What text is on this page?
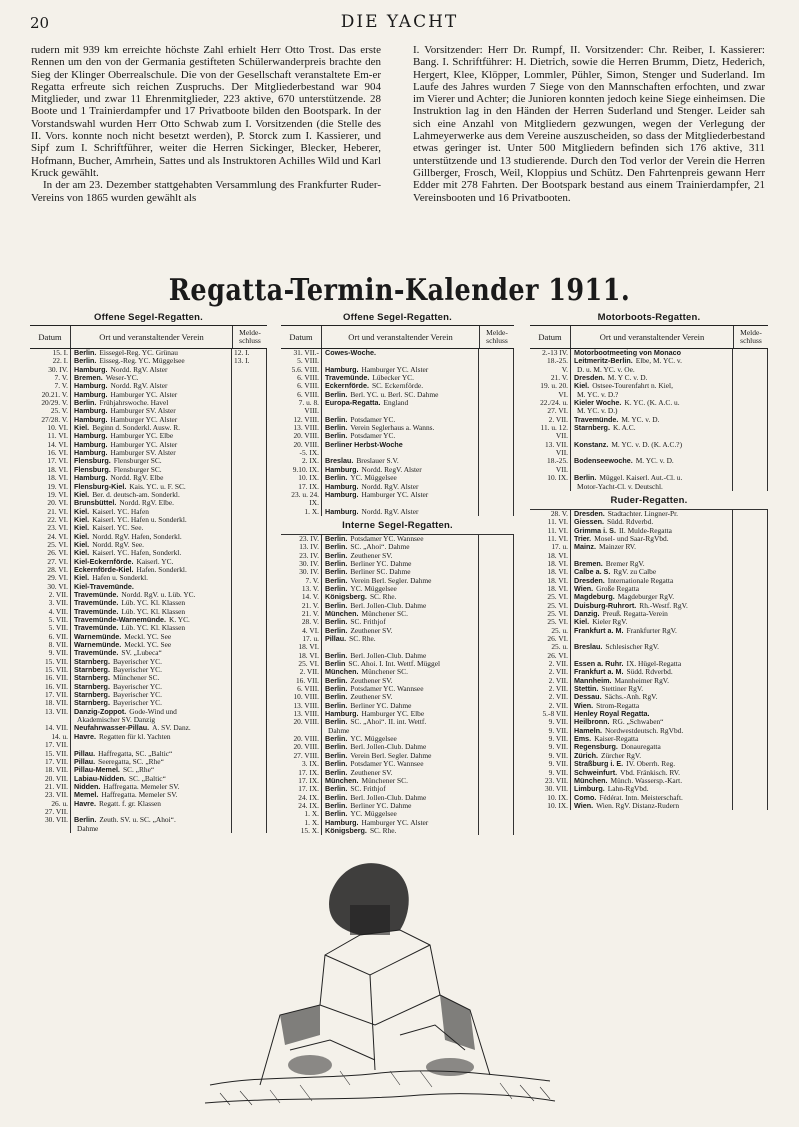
20	DIE YACHT

rudern mit 939 km erreichte höchste Zahl erhielt Herr Otto Trost. Das erste Rennen um den von der Germania gestifteten Schülerwanderpreis brachte den Sieg der Klinger Oberrealschule. Die von der Gesellschaft veranstaltete Em-er Regatta erfreute sich reichen Zuspruchs. Der Mitgliederbestand war 904 Mitglieder, und zwar 11 Ehrenmitglieder, 223 aktive, 670 unterstützende. 28 Boote und 1 Trainierdampfer und 17 Privatboote bilden den Bootspark. In der Vorstandswahl wurden Herr Otto Schwab zum I. Vorsitzenden (die Stelle des II. Vors. konnte noch nicht besetzt werden), P. Storck zum I. Kassierer, und Sipf zum I. Schriftführer, weiter die Herren Sickinger, Blecker, Heberer, Hofmann, Bucher, Amrhein, Sattes und als Instruktoren Achilles Wild und Karl Kruck gewählt.

In der am 23. Dezember stattgehabten Versammlung des Frankfurter Ruder-Vereins von 1865 wurden gewählt als

I. Vorsitzender: Herr Dr. Rumpf, II. Vorsitzender: Chr. Reiber, I. Kassierer: Bang. I. Schriftführer: H. Dietrich, sowie die Herren Brumm, Dietz, Hederich, Hergert, Klee, Klöpper, Lommler, Pühler, Simon, Stenger und Suderland. Im Laufe des Jahres wurden 7 Siege von den Mannschaften erfochten, und zwar im Vierer und Achter; die Junioren konnten jedoch keine Siege einheimsen. Die Instruktion lag in den Händen der Herren Suderland und Stenger. Leider sah sich eine Anzahl von Mitgliedern gezwungen, wegen der Verlegung der Lahmeyerwerke aus dem Vereine auszuscheiden, so dass der Mitgliederbestand etwas geringer ist. Unter 500 Mitgliedern befinden sich 176 aktive, 311 unterstützende und 13 studierende. Durch den Tod verlor der Verein die Herren Gillberger, Frosch, Weil, Kloppius und Schütz. Den Fahrtenpreis gewann Herr Edder mit 278 Fahrten. Der Bootspark bestand aus einem Trainierdampfer, 21 Vereinsbooten und 16 Privatbooten.

Regatta-Termin-Kalender 1911.
Offene Segel-Regatten.
Datum	Ort und veranstaltender Verein	Melde-schluss
15. I. Berlin. Eissegel-Reg. YC. Grünau	12. I.
22. I. Berlin. Eisseg.-Reg. YC. Müggelsee	13. I.
30. IV. Hamburg. Nordd. RgV. Alster
7. V. Bremen. Weser-YC.
7. V. Hamburg. Nordd. RgV. Alster
20.21. V. Hamburg. Hamburger YC. Alster
20/29. V. Berlin. Frühjahrswoche. Havel
25. V. Hamburg. Hamburger SV. Alster
27/28. V. Hamburg. Hamburger YC. Alster
10. VI. Kiel. Beginn d. Sonderkl. Ausw. R.
11. VI. Hamburg. Hamburger YC. Elbe
14. VI. Hamburg. Hamburger YC. Alster
16. VI. Hamburg. Hamburger SV. Alster
17. VI. Flensburg. Flensburger SC.
18. VI. Flensburg. Flensburger SC.
18. VI. Hamburg. Nordd. RgV. Elbe
19. VI. Flensburg-Kiel. Kais. YC. u. F. SC.
19. VI. Kiel. Ber. d. deutsch-am. Sonderkl.
20. VI. Brunsbüttel. Nordd. RgV. Elbe.
21. VI. Kiel. Kaiserl. YC. Hafen
22. VI. Kiel. Kaiserl. YC. Hafen u. Sonderkl.
23. VI. Kiel. Kaiserl. YC. See.
24. VI. Kiel. Nordd. RgV. Hafen, Sonderkl.
25. VI. Kiel. Nordd. RgV. See.
26. VI. Kiel. Kaiserl. YC. Hafen, Sonderkl.
27. VI. Kiel-Eckernförde. Kaiserl. YC.
28. VI. Eckernförde-Kiel. Hafen. Sonderkl.
29. VI. Kiel. Hafen u. Sonderkl.
30. VI. Kiel-Travemünde.
2. VII. Travemünde. Nordd. RgV. u. Lüb. YC.
3. VII. Travemünde. Lüb. YC. Kl. Klassen
4. VII. Travemünde. Lüb. YC. Kl. Klassen
5. VII. Travemünde-Warnemünde. K. YC.
5. VII. Travemünde. Lüb. YC. Kl. Klassen
6. VII. Warnemünde. Meckl. YC. See
8. VII. Warnemünde. Meckl. YC. See
9. VII. Travemünde. SV. „Lubeca“
15. VII. Starnberg. Bayerischer YC.
15. VII. Starnberg. Bayerischer YC.
16. VII. Starnberg. Münchener SC.
16. VII. Starnberg. Bayerischer YC.
17. VII. Starnberg. Bayerischer YC.
18. VII. Starnberg. Bayerischer YC.
13. VII. Danzig-Zoppot. Gode-Wind und
Akademischer SV. Danzig
14. VII. Neufahrwasser-Pillau. A. SV. Danz.
14. u. Havre. Regatten für kl. Yachten
17. VII.
15. VII. Pillau. Haffregatta, SC. „Baltic“
17. VII. Pillau. Seeregatta, SC. „Rhe“
18. VII. Pillau-Memel. SC. „Rhe“
20. VII. Labiau-Nidden. SC. „Baltic“
21. VII. Nidden. Haffregatta. Memeler SV.
23. VII. Memel. Haffregatta. Memeler SV.
26. u. Havre. Regatt. f. gr. Klassen
27. VII.
30. VII. Berlin. Zeuth. SV. u. SC. „Ahoi“.
Dahme
Offene Segel-Regatten.
Datum	Ort und veranstaltender Verein	Melde-schluss
31. VII.- Cowes-Woche.
5. VIII.
5.6. VIII. Hamburg. Hamburger YC. Alster
6. VIII. Travemünde. Lübecker YC.
6. VIII. Eckernförde. SC. Eckernförde.
6. VIII. Berlin. Berl. YC. u. Berl. SC. Dahme
7. u. 8. Europa-Regatta. England
VIII.
12. VIII. Berlin. Potsdamer YC.
13. VIII. Berlin. Verein Seglerhaus a. Wanns.
20. VIII. Berlin. Potsdamer YC.
20. VIII. Berliner Herbst-Woche
-5. IX.
2. IX. Breslau. Breslauer S.V.
9.10. IX. Hamburg. Nordd. RegV. Alster
10. IX. Berlin. YC. Müggelsee
17. IX. Hamburg. Nordd. RgV. Alster
23. u. 24. Hamburg. Hamburger YC. Alster
IX.
1. X. Hamburg. Nordd. RgV. Alster
Interne Segel-Regatten.
23. IV. Berlin. Potsdamer YC. Wannsee
13. IV. Berlin. SC. „Ahoi“. Dahme
23. IV. Berlin. Zeuthener SV.
30. IV. Berlin. Berliner YC. Dahme
30. IV. Berlin. Berliner SC. Dahme
7. V. Berlin. Verein Berl. Segler. Dahme
13. V. Berlin. YC. Müggelsee
14. V. Königsberg. SC. Rhe.
21. V. Berlin. Berl. Jollen-Club. Dahme
21. V. München. Münchener SC.
28. V. Berlin. SC. Frithjof
4. VI. Berlin. Zeuthener SV.
17. u. Pillau. SC. Rhe.
18. VI.
18. VI. Berlin. Berl. Jollen-Club. Dahme
25. VI. Berlin SC. Ahoi. I. Int. Wettf. Müggel
2. VII. München. Münchener SC.
16. VII. Berlin. Zeuthener SV.
6. VIII. Berlin. Potsdamer YC. Wannsee
10. VIII. Berlin. Zeuthener SV.
13. VIII. Berlin. Berliner YC. Dahme
13. VIII. Hamburg. Hamburger YC. Elbe
20. VIII. Berlin. SC. „Ahoi“. II. int. Wettf.
Dahme
20. VIII. Berlin. YC. Müggelsee
20. VIII. Berlin. Berl. Jollen-Club. Dahme
27. VIII. Berlin. Verein Berl. Segler. Dahme
3. IX. Berlin. Potsdamer YC. Wannsee
17. IX. Berlin. Zeuthener SV.
17. IX. München. Münchener SC.
17. IX. Berlin. SC. Frithjof
24. IX. Berlin. Berl. Jollen-Club. Dahme
24. IX. Berlin. Berliner YC. Dahme
1. X. Berlin. YC. Müggelsee
1. X. Hamburg. Hamburger YC. Alster
15. X. Königsberg. SC. Rhe.
Motorboots-Regatten.
Datum	Ort und veranstaltender Verein	Melde-schluss
2.-13 IV. Motorbootmeeting von Monaco
18.-25. Leitmeritz-Berlin. Elbe, M. YC. v.
V.	D. u. M. YC. v. Oe.
21. V. Dresden. M. Y C. v. D.
19. u. 20. Kiel. Ostsee-Tourenfahrt n. Kiel,
VI.	M. YC. v. D.?
22./24. u. Kieler Woche. K. YC. (K. A.C. u.
27. VI.	M. YC. v. D.)
2. VII. Travemünde. M. YC. v. D.
11. u. 12. Starnberg. K. A.C.
VII.
13. VII. Konstanz. M. YC. v. D. (K. A.C.?)
VII.
18.-25. Bodenseewoche. M. YC. v. D.
VII.
10. IX. Berlin. Müggel. Kaiserl. Aut.-Cl. u.
Motor-Yacht-Cl. v. Deutschl.
Ruder-Regatten.
28. V. Dresden. Stadtachter. Lingner-Pr.
11. VI. Giessen. Südd. Rdverbd.
11. VI. Grimma i. S. II. Mulde-Regatta
11. VI. Trier. Mosel- und Saar-RgVbd.
17. u. Mainz. Mainzer RV.
18. VI.
18. VI. Bremen. Bremer RgV.
18. VI. Calbe a. S. RgV. zu Calbe
18. VI. Dresden. Internationale Regatta
18. VI. Wien. Große Regatta
25. VI. Magdeburg. Magdeburger RgV.
25. VI. Duisburg-Ruhrort. Rh.-Westf. RgV.
25. VI. Danzig. Preuß. Regatta-Verein
25. VI. Kiel. Kieler RgV.
25. u. Frankfurt a. M. Frankfurter RgV.
26. VI.
25. u. Breslau. Schlesischer RgV.
26. VI.
2. VII. Essen a. Ruhr. IX. Hügel-Regatta
2. VII. Frankfurt a. M. Südd. Rdverbd.
2. VII. Mannheim. Mannheimer RgV.
2. VII. Stettin. Stettiner RgV.
2. VII. Dessau. Sächs.-Anh. RgV.
2. VII. Wien. Strom-Regatta
5.-8 VII. Henley Royal Regatta.
9. VII. Heilbronn. RG. „Schwaben“
9. VII. Hameln. Nordwestdeutsch. RgVbd.
9. VII. Ems. Kaiser-Regatta
9. VII. Regensburg. Donauregatta
9. VII. Zürich. Zürcher RgV.
9. VII. Straßburg i. E. IV. Oberrh. Reg.
9. VII. Schweinfurt. Vbd. Fränkisch. RV.
23. VII. München. Münch. Wassersp.-Kart.
30. VII. Limburg. Lahn-RgVbd.
10. IX. Como. Fédérat. Intn. Meisterschaft.
10. IX. Wien. Wien. RgV. Distanz-Rudern
